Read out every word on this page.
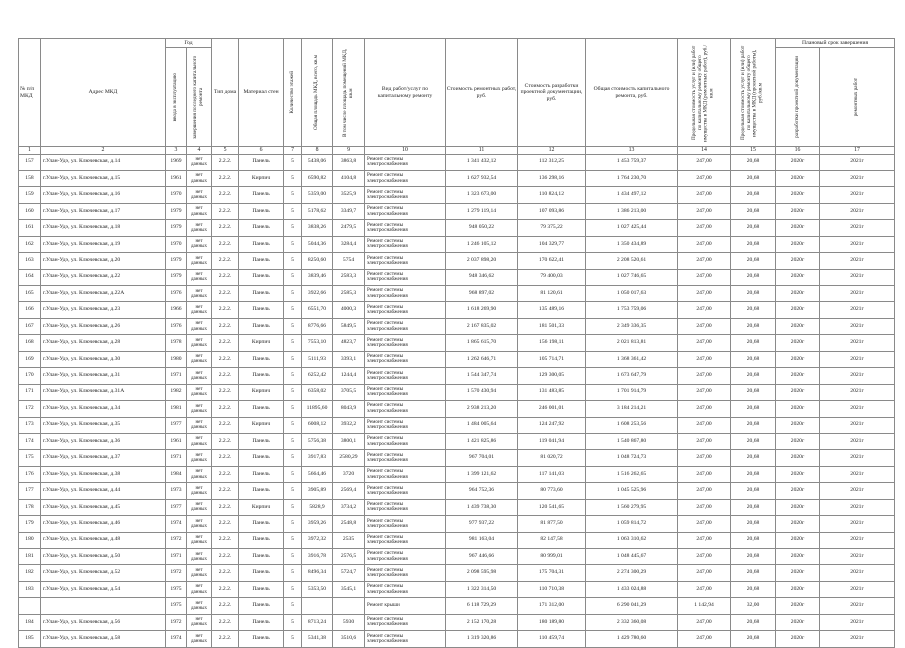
№ п/п МКД	Адрес МКД	Год		Тип дома	Материал стен	Количество этажей	Общая площадь МКД, всего, кв.м	В том числе площадь помещений МКД, кв.м	Вид работ/услуг по капитальному ремонту	Стоимость ремонтных работ, руб.	Стоимость разработки проектной документации, руб.	Общая стоимость капитального ремонта, руб.	Предельная стоимость услуг и (или) работ по капитальному ремонту общего имущества в МКД (ремонтных работ), руб./кв.м	Предельная стоимость услуг и (или) работ по капитальному ремонту общего имущества в МКД (проектной работы), руб./кв.м	Плановый срок завершения	

		ввода в эксплуатацию	завершения последнего капитального ремонта												разработки проектной документации	ремонтных работ

1	2	3	4	5	6	7	8	9	10	11	12	13	14	15	16	17
157	г.Улан-Удэ, ул. Ключевская, д.14	1969	нет данных	2.2.2.	Панель	5	5438,06	3863,8	Ремонт системы электроснабжения	1 341 432,12	112 312,25	1 453 759,37	247,00	20,68	2020г	2021г
158	г.Улан-Удэ, ул. Ключевская, д.15	1961	нет данных	2.2.2.	Кирпич	5	6590,82	4104,8	Ремонт системы электроснабжения	1 627 932,54	136 298,16	1 764 230,70	247,00	20,68	2020г	2021г
159	г.Улан-Удэ, ул. Ключевская, д.16	1970	нет данных	2.2.2.	Панель	5	5359,00	3525,9	Ремонт системы электроснабжения	1 323 673,00	110 824,12	1 434 497,12	247,00	20,68	2020г	2021г
160	г.Улан-Удэ, ул. Ключевская, д.17	1979	нет данных	2.2.2.	Панель	5	5178,62	3349,7	Ремонт системы электроснабжения	1 279 119,14	107 093,86	1 386 213,00	247,00	20,68	2020г	2021г
161	г.Улан-Удэ, ул. Ключевская, д.18	1979	нет данных	2.2.2.	Панель	5	3838,26	2479,5	Ремонт системы электроснабжения	948 050,22	79 375,22	1 027 425,44	247,00	20,68	2020г	2021г
162	г.Улан-Удэ, ул. Ключевская, д.19	1970	нет данных	2.2.2.	Панель	5	5044,36	3284,4	Ремонт системы электроснабжения	1 246 105,12	104 329,77	1 350 434,89	247,00	20,68	2020г	2021г
163	г.Улан-Удэ, ул. Ключевская, д.20	1979	нет данных	2.2.2.	Панель	5	8250,60	5754	Ремонт системы электроснабжения	2 037 898,20	170 622,41	2 208 520,61	247,00	20,68	2020г	2021г
164	г.Улан-Удэ, ул. Ключевская, д.22	1979	нет данных	2.2.2.	Панель	5	3839,46	2583,3	Ремонт системы электроснабжения	948 346,62	79 400,03	1 027 746,65	247,00	20,68	2020г	2021г
165	г.Улан-Удэ, ул. Ключевская, д.22А	1976	нет данных	2.2.2.	Панель	5	3922,66	2585,3	Ремонт системы электроснабжения	968 897,02	81 120,61	1 050 017,63	247,00	20,68	2020г	2021г
166	г.Улан-Удэ, ул. Ключевская, д.23	1966	нет данных	2.2.2.	Панель	5	6551,70	4000,3	Ремонт системы электроснабжения	1 618 269,90	135 489,16	1 753 759,06	247,00	20,68	2020г	2021г
167	г.Улан-Удэ, ул. Ключевская, д.26	1976	нет данных	2.2.2.	Панель	5	8776,66	5849,5	Ремонт системы электроснабжения	2 167 835,02	181 501,33	2 349 336,35	247,00	20,68	2020г	2021г
168	г.Улан-Удэ, ул. Ключевская, д.28	1978	нет данных	2.2.2.	Кирпич	5	7553,10	4823,7	Ремонт системы электроснабжения	1 865 615,70	156 198,11	2 021 813,81	247,00	20,68	2020г	2021г
169	г.Улан-Удэ, ул. Ключевская, д.30	1980	нет данных	2.2.2.	Панель	5	5111,93	3393,1	Ремонт системы электроснабжения	1 262 646,71	105 714,71	1 368 361,42	247,00	20,68	2020г	2021г
170	г.Улан-Удэ, ул. Ключевская, д.31	1971	нет данных	2.2.2.	Панель	5	6252,42	1244,4	Ремонт системы электроснабжения	1 544 347,74	129 300,05	1 673 647,79	247,00	20,68	2020г	2021г
171	г.Улан-Удэ, ул. Ключевская, д.31А	1982	нет данных	2.2.2.	Кирпич	5	6358,02	3705,5	Ремонт системы электроснабжения	1 570 430,94	131 483,85	1 701 914,79	247,00	20,68	2020г	2021г
172	г.Улан-Удэ, ул. Ключевская, д.34	1981	нет данных	2.2.2.	Панель	5	11895,60	8043,9	Ремонт системы электроснабжения	2 938 213,20	246 001,01	3 184 214,21	247,00	20,68	2020г	2021г
173	г.Улан-Удэ, ул. Ключевская, д.35	1977	нет данных	2.2.2.	Кирпич	5	6008,12	3932,2	Ремонт системы электроснабжения	1 484 005,64	124 247,92	1 608 253,56	247,00	20,68	2020г	2021г
174	г.Улан-Удэ, ул. Ключевская, д.36	1961	нет данных	2.2.2.	Панель	5	5756,38	3800,1	Ремонт системы электроснабжения	1 421 825,86	119 041,94	1 540 867,80	247,00	20,68	2020г	2021г
175	г.Улан-Удэ, ул. Ключевская, д.37	1971	нет данных	2.2.2.	Панель	5	3917,83	2580,29	Ремонт системы электроснабжения	967 704,01	81 020,72	1 048 724,73	247,00	20,68	2020г	2021г
176	г.Улан-Удэ, ул. Ключевская, д.38	1984	нет данных	2.2.2.	Панель	5	5664,46	3720	Ремонт системы электроснабжения	1 399 121,62	117 141,03	1 516 262,65	247,00	20,68	2020г	2021г
177	г.Улан-Удэ, ул. Ключевская, д.44	1973	нет данных	2.2.2.	Панель	5	3905,89	2569,4	Ремонт системы электроснабжения	964 752,36	80 773,60	1 045 525,96	247,00	20,68	2020г	2021г
178	г.Улан-Удэ, ул. Ключевская, д.45	1977	нет данных	2.2.2.	Кирпич	5	5828,9	3734,2	Ремонт системы электроснабжения	1 439 738,30	120 541,65	1 560 279,95	247,00	20,68	2020г	2021г
179	г.Улан-Удэ, ул. Ключевская, д.46	1974	нет данных	2.2.2.	Панель	5	3959,26	2548,8	Ремонт системы электроснабжения	977 937,22	81 877,50	1 059 814,72	247,00	20,68	2020г	2021г
180	г.Улан-Удэ, ул. Ключевская, д.48	1972	нет данных	2.2.2.	Панель	5	3972,32	2535	Ремонт системы электроснабжения	981 163,04	82 147,58	1 063 310,62	247,00	20,68	2020г	2021г
181	г.Улан-Удэ, ул. Ключевская, д.50	1971	нет данных	2.2.2.	Панель	5	3916,78	2576,5	Ремонт системы электроснабжения	967 446,66	80 999,01	1 048 445,67	247,00	20,68	2020г	2021г
182	г.Улан-Удэ, ул. Ключевская, д.52	1972	нет данных	2.2.2.	Панель	5	8496,34	5724,7	Ремонт системы электроснабжения	2 098 595,98	175 704,31	2 274 300,29	247,00	20,68	2020г	2021г
183	г.Улан-Удэ, ул. Ключевская, д.54	1975	нет данных	2.2.2.	Панель	5	5353,50	3545,1	Ремонт системы электроснабжения	1 322 314,50	110 710,38	1 433 024,88	247,00	20,68	2020г	2021г
		1975	нет данных	2.2.2.	Панель	5			Ремонт крыши	6 118 729,29	171 312,00	6 290 041,29	1 142,94	32,00	2020г	2021г
184	г.Улан-Удэ, ул. Ключевская, д.56	1972	нет данных	2.2.2.	Панель	5	8713,24	5930	Ремонт системы электроснабжения	2 152 170,28	180 189,80	2 332 360,08	247,00	20,68	2020г	2021г
185	г.Улан-Удэ, ул. Ключевская, д.58	1974	нет данных	2.2.2.	Панель	5	5341,38	3510,6	Ремонт системы электроснабжения	1 319 320,86	110 459,74	1 429 780,60	247,00	20,68	2020г	2021г
